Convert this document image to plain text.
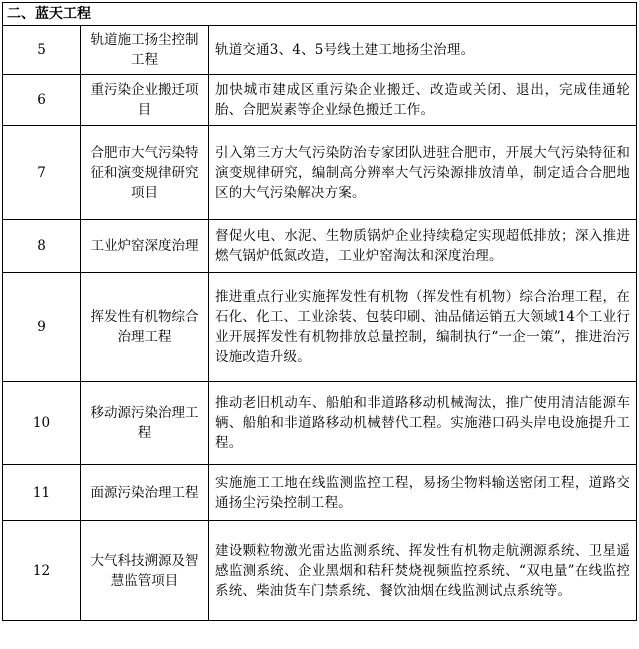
二、蓝天工程		
5	轨道施工扬尘控制工程	轨道交通3、4、5号线土建工地扬尘治理。
6	重污染企业搬迁项目	加快城市建成区重污染企业搬迁、改造或关闭、退出，完成佳通轮胎、合肥炭素等企业绿色搬迁工作。
7	合肥市大气污染特征和演变规律研究项目	引入第三方大气污染防治专家团队进驻合肥市，开展大气污染特征和演变规律研究，编制高分辨率大气污染源排放清单，制定适合合肥地区的大气污染解决方案。
8	工业炉窑深度治理	督促火电、水泥、生物质锅炉企业持续稳定实现超低排放；深入推进燃气锅炉低氮改造，工业炉窑淘汰和深度治理。
9	挥发性有机物综合治理工程	推进重点行业实施挥发性有机物（挥发性有机物）综合治理工程，在石化、化工、工业涂装、包装印刷、油品储运销五大领域14个工业行业开展挥发性有机物排放总量控制，编制执行“一企一策”，推进治污设施改造升级。
10	移动源污染治理工程	推动老旧机动车、船舶和非道路移动机械淘汰，推广使用清洁能源车辆、船舶和非道路移动机械替代工程。实施港口码头岸电设施提升工程。
11	面源污染治理工程	实施施工工地在线监测监控工程，易扬尘物料输送密闭工程，道路交通扬尘污染控制工程。
12	大气科技溯源及智慧监管项目	建设颗粒物激光雷达监测系统、挥发性有机物走航溯源系统、卫星遥感监测系统、企业黑烟和秸秆焚烧视频监控系统、“双电量”在线监控系统、柴油货车门禁系统、餐饮油烟在线监测试点系统等。
